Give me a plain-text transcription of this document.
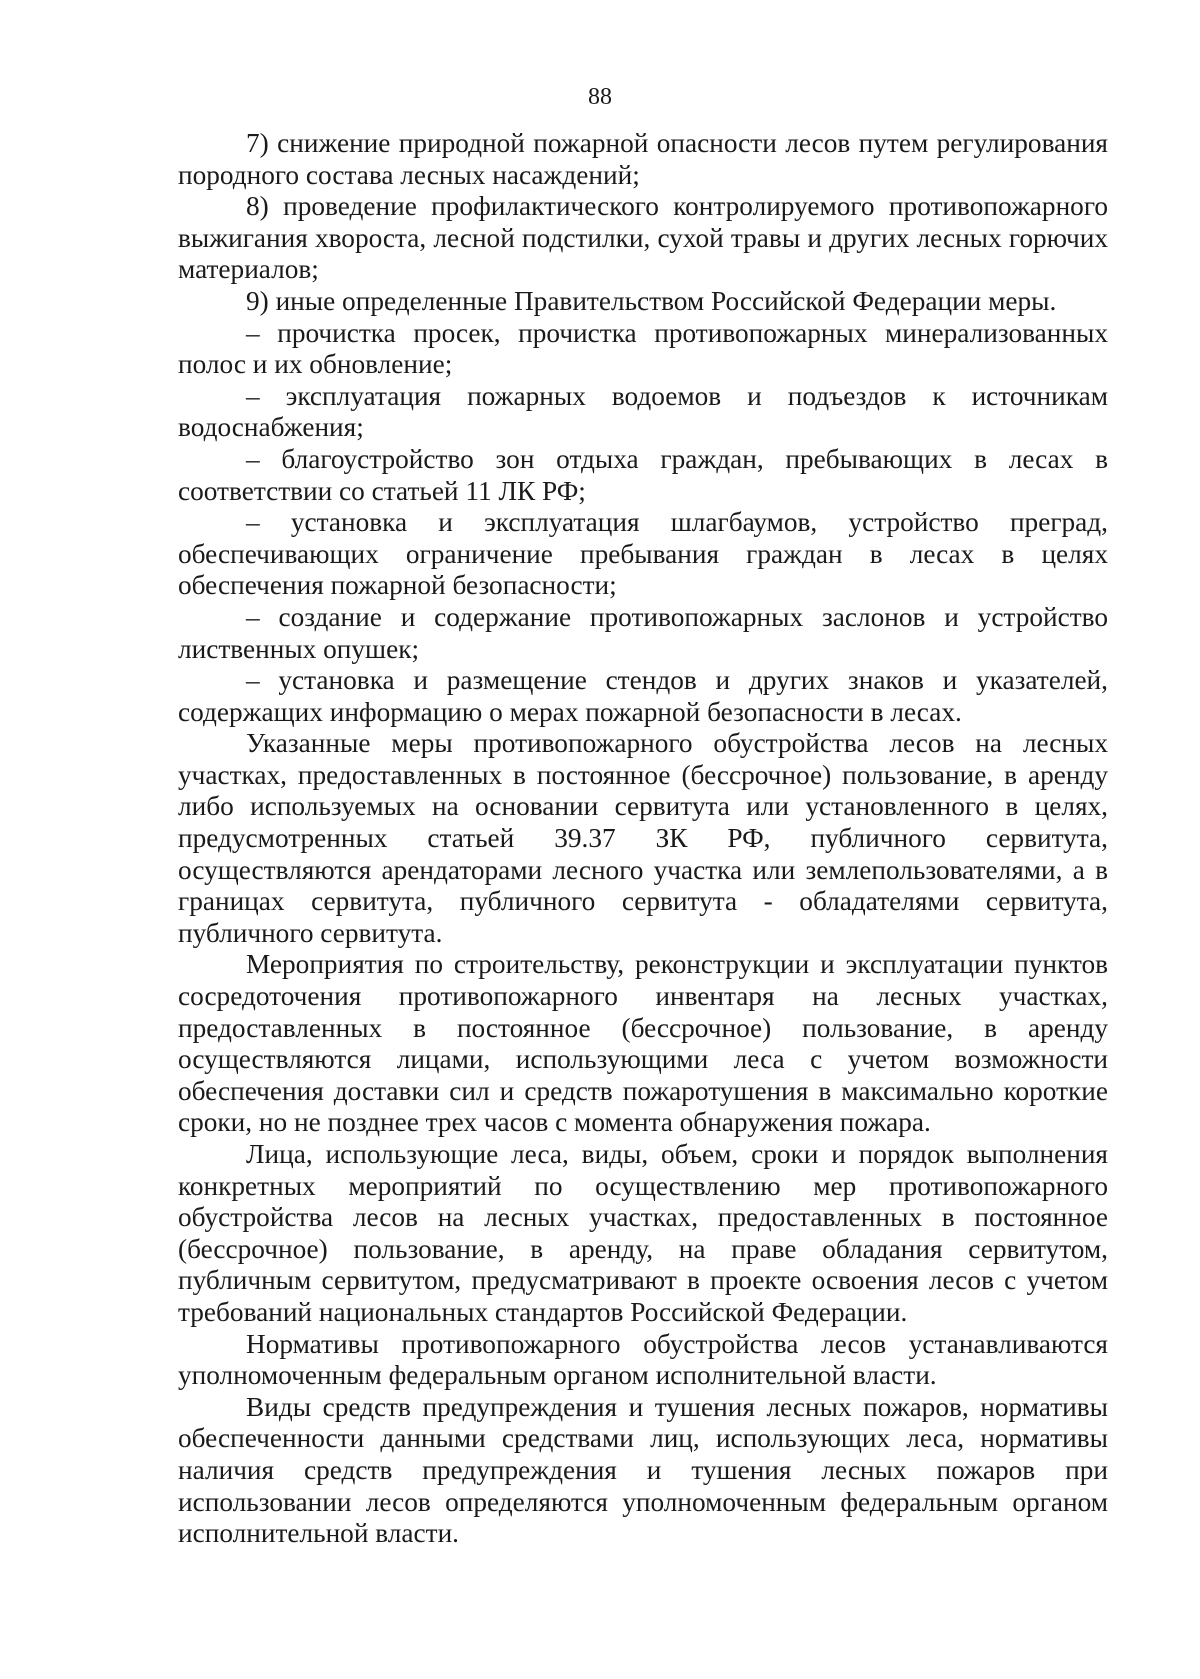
88

7) снижение природной пожарной опасности лесов путем регулирования породного состава лесных насаждений;

8) проведение профилактического контролируемого противопожарного выжигания хвороста, лесной подстилки, сухой травы и других лесных горючих материалов;

9) иные определенные Правительством Российской Федерации меры.

– прочистка просек, прочистка противопожарных минерализованных полос и их обновление;

– эксплуатация пожарных водоемов и подъездов к источникам водоснабжения;

– благоустройство зон отдыха граждан, пребывающих в лесах в соответствии со статьей 11 ЛК РФ;

– установка и эксплуатация шлагбаумов, устройство преград, обеспечивающих ограничение пребывания граждан в лесах в целях обеспечения пожарной безопасности;

– создание и содержание противопожарных заслонов и устройство лиственных опушек;

– установка и размещение стендов и других знаков и указателей, содержащих информацию о мерах пожарной безопасности в лесах.

Указанные меры противопожарного обустройства лесов на лесных участках, предоставленных в постоянное (бессрочное) пользование, в аренду либо используемых на основании сервитута или установленного в целях, предусмотренных статьей 39.37 ЗК РФ, публичного сервитута, осуществляются арендаторами лесного участка или землепользователями, а в границах сервитута, публичного сервитута - обладателями сервитута, публичного сервитута.

Мероприятия по строительству, реконструкции и эксплуатации пунктов сосредоточения противопожарного инвентаря на лесных участках, предоставленных в постоянное (бессрочное) пользование, в аренду осуществляются лицами, использующими леса с учетом возможности обеспечения доставки сил и средств пожаротушения в максимально короткие сроки, но не позднее трех часов с момента обнаружения пожара.

Лица, использующие леса, виды, объем, сроки и порядок выполнения конкретных мероприятий по осуществлению мер противопожарного обустройства лесов на лесных участках, предоставленных в постоянное (бессрочное) пользование, в аренду, на праве обладания сервитутом, публичным сервитутом, предусматривают в проекте освоения лесов с учетом требований национальных стандартов Российской Федерации.

Нормативы противопожарного обустройства лесов устанавливаются уполномоченным федеральным органом исполнительной власти.

Виды средств предупреждения и тушения лесных пожаров, нормативы обеспеченности данными средствами лиц, использующих леса, нормативы наличия средств предупреждения и тушения лесных пожаров при использовании лесов определяются уполномоченным федеральным органом исполнительной власти.
